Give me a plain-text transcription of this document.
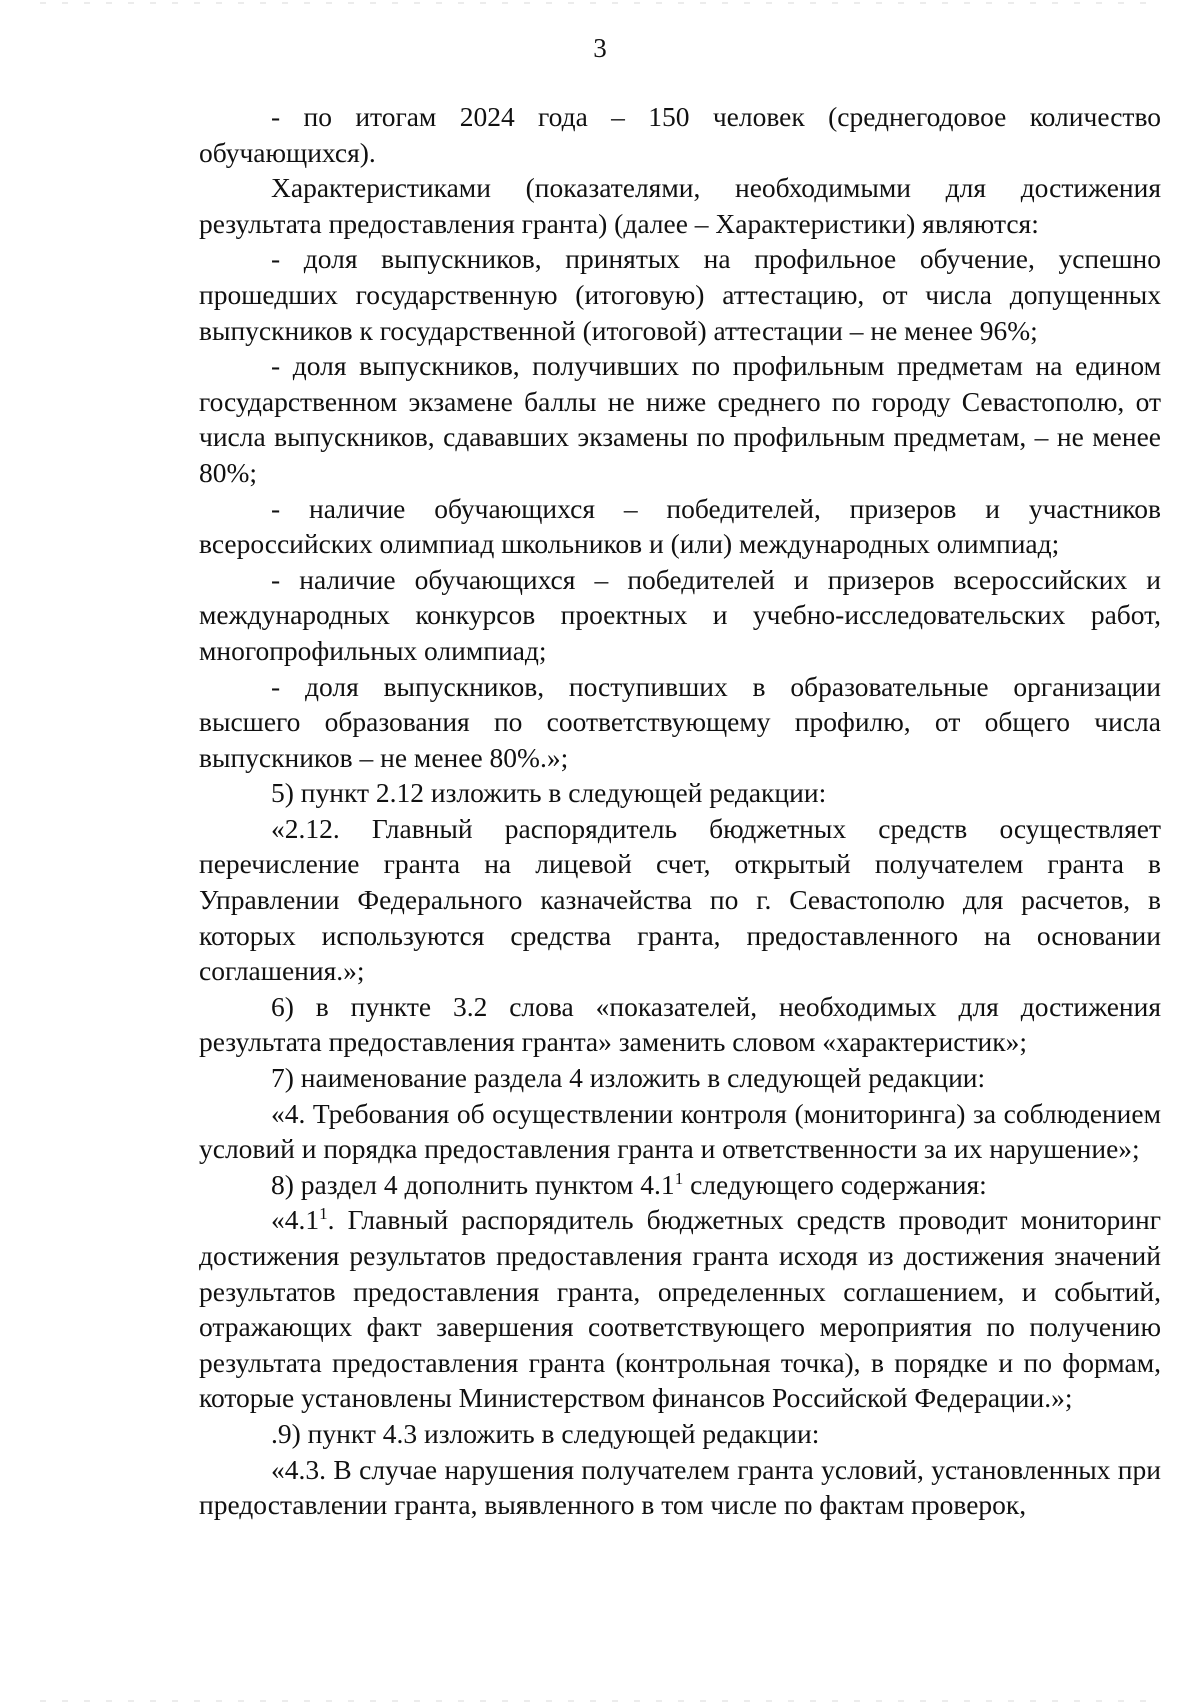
3

- по итогам 2024 года – 150 человек (среднегодовое количество обучающихся).

Характеристиками (показателями, необходимыми для достижения результата предоставления гранта) (далее – Характеристики) являются:

- доля выпускников, принятых на профильное обучение, успешно прошедших государственную (итоговую) аттестацию, от числа допущенных выпускников к государственной (итоговой) аттестации – не менее 96%;

- доля выпускников, получивших по профильным предметам на едином государственном экзамене баллы не ниже среднего по городу Севастополю, от числа выпускников, сдававших экзамены по профильным предметам, – не менее 80%;

- наличие обучающихся – победителей, призеров и участников всероссийских олимпиад школьников и (или) международных олимпиад;

- наличие обучающихся – победителей и призеров всероссийских и международных конкурсов проектных и учебно-исследовательских работ, многопрофильных олимпиад;

- доля выпускников, поступивших в образовательные организации высшего образования по соответствующему профилю, от общего числа выпускников – не менее 80%.»;

5) пункт 2.12 изложить в следующей редакции:

«2.12. Главный распорядитель бюджетных средств осуществляет перечисление гранта на лицевой счет, открытый получателем гранта в Управлении Федерального казначейства по г. Севастополю для расчетов, в которых используются средства гранта, предоставленного на основании соглашения.»;

6) в пункте 3.2 слова «показателей, необходимых для достижения результата предоставления гранта» заменить словом «характеристик»;

7) наименование раздела 4 изложить в следующей редакции:

«4. Требования об осуществлении контроля (мониторинга) за соблюдением условий и порядка предоставления гранта и ответственности за их нарушение»;

8) раздел 4 дополнить пунктом $4.1^1$ следующего содержания:

«$4.1^1$. Главный распорядитель бюджетных средств проводит мониторинг достижения результатов предоставления гранта исходя из достижения значений результатов предоставления гранта, определенных соглашением, и событий, отражающих факт завершения соответствующего мероприятия по получению результата предоставления гранта (контрольная точка), в порядке и по формам, которые установлены Министерством финансов Российской Федерации.»;

.9) пункт 4.3 изложить в следующей редакции:

«4.3. В случае нарушения получателем гранта условий, установленных при предоставлении гранта, выявленного в том числе по фактам проверок,
